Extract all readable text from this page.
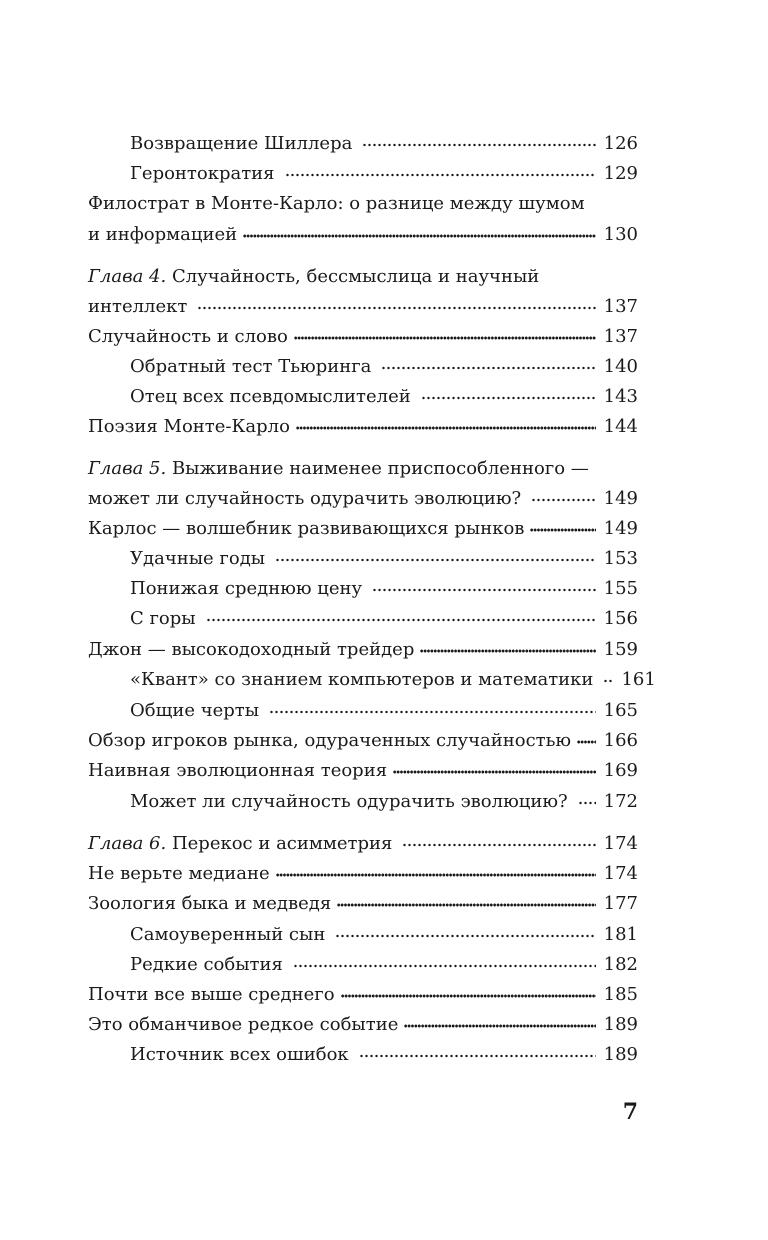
Возвращение Шиллера	126
Геронтократия	129
Филострат в Монте-Карло: о разнице между шумом
и информацией	130
Глава 4. Случайность, бессмыслица и научный
интеллект	137
Случайность и слово	137
Обратный тест Тьюринга	140
Отец всех псевдомыслителей	143
Поэзия Монте-Карло	144
Глава 5. Выживание наименее приспособленного —
может ли случайность одурачить эволюцию?	149
Карлос — волшебник развивающихся рынков	149
Удачные годы	153
Понижая среднюю цену	155
С горы	156
Джон — высокодоходный трейдер	159
«Квант» со знанием компьютеров и математики 161
Общие черты	165
Обзор игроков рынка, одураченных случайностью 166
Наивная эволюционная теория	169
Может ли случайность одурачить эволюцию? 172
Глава 6. Перекос и асимметрия	174
Не верьте медиане	174
Зоология быка и медведя	177
Самоуверенный сын	181
Редкие события	182
Почти все выше среднего	185
Это обманчивое редкое событие	189
Источник всех ошибок	189
7
